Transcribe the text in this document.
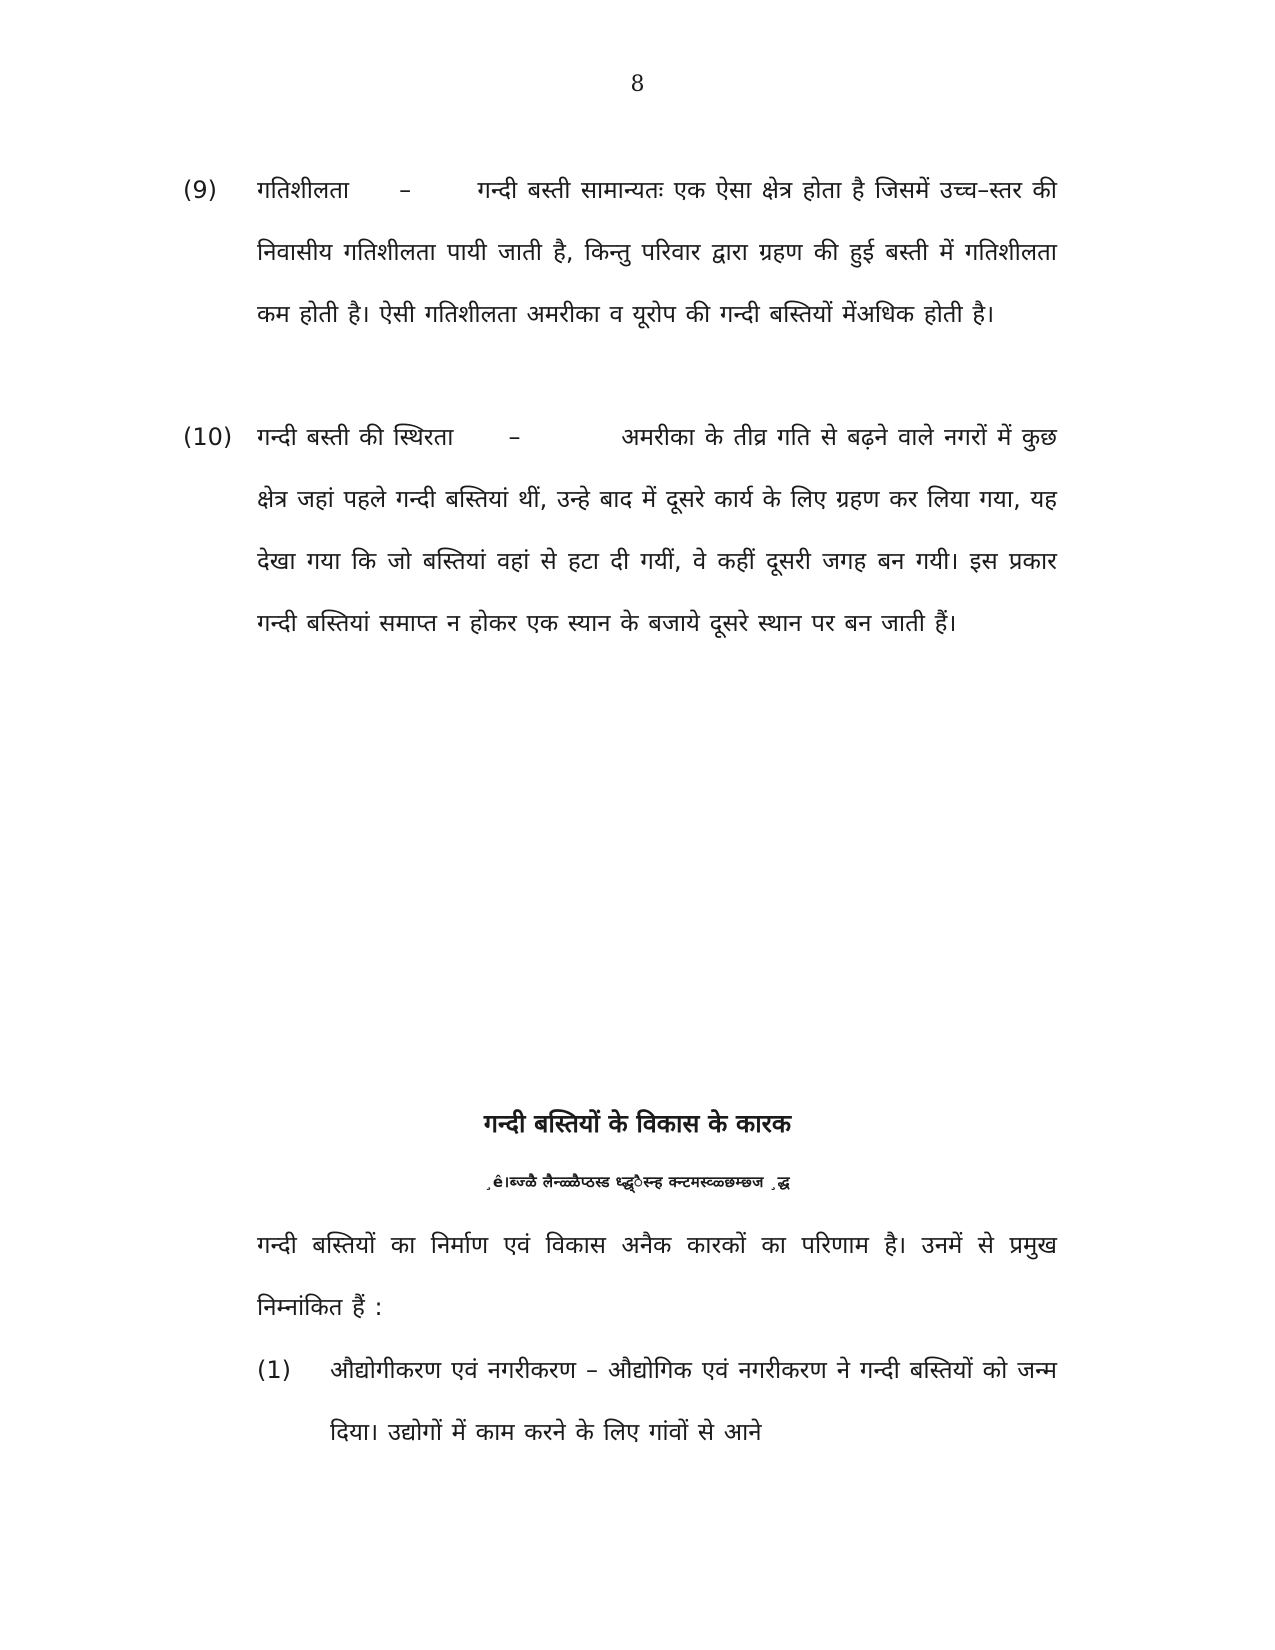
8
(9) गतिशीलता –	गन्दी बस्ती सामान्यतः एक ऐसा क्षेत्र होता है जिसमें उच्च–स्तर की निवासीय गतिशीलता पायी जाती है, किन्तु परिवार द्वारा ग्रहण की हुई बस्ती में गतिशीलता कम होती है। ऐसी गतिशीलता अमरीका व यूरोप की गन्दी बस्तियों मेंअधिक होती है।
(10) गन्दी बस्ती की स्थिरता –	अमरीका के तीव्र गति से बढ़ने वाले नगरों में कुछ क्षेत्र जहां पहले गन्दी बस्तियां थीं, उन्हे बाद में दूसरे कार्य के लिए ग्रहण कर लिया गया, यह देखा गया कि जो बस्तियां वहां से हटा दी गयीं, वे कहीं दूसरी जगह बन गयी। इस प्रकार गन्दी बस्तियां समाप्त न होकर एक स्यान के बजाये दूसरे स्थान पर बन जाती हैं।
गन्दी बस्तियों के विकास के कारक
¸ê।ब्ज्ळै लैन्ळ्ळैप्ठस्ड ध्द्ध्ैस्न्ह क्न्टमस्व्ळ्छम्छ्ज ¸द्ध
गन्दी बस्तियों का निर्माण एवं विकास अनैक कारकों का परिणाम है। उनमें से प्रमुख निम्नांकित हैं :
(1) औद्योगीकरण एवं नगरीकरण – औद्योगिक एवं नगरीकरण ने गन्दी बस्तियों को जन्म दिया। उद्योगों में काम करने के लिए गांवों से आने
